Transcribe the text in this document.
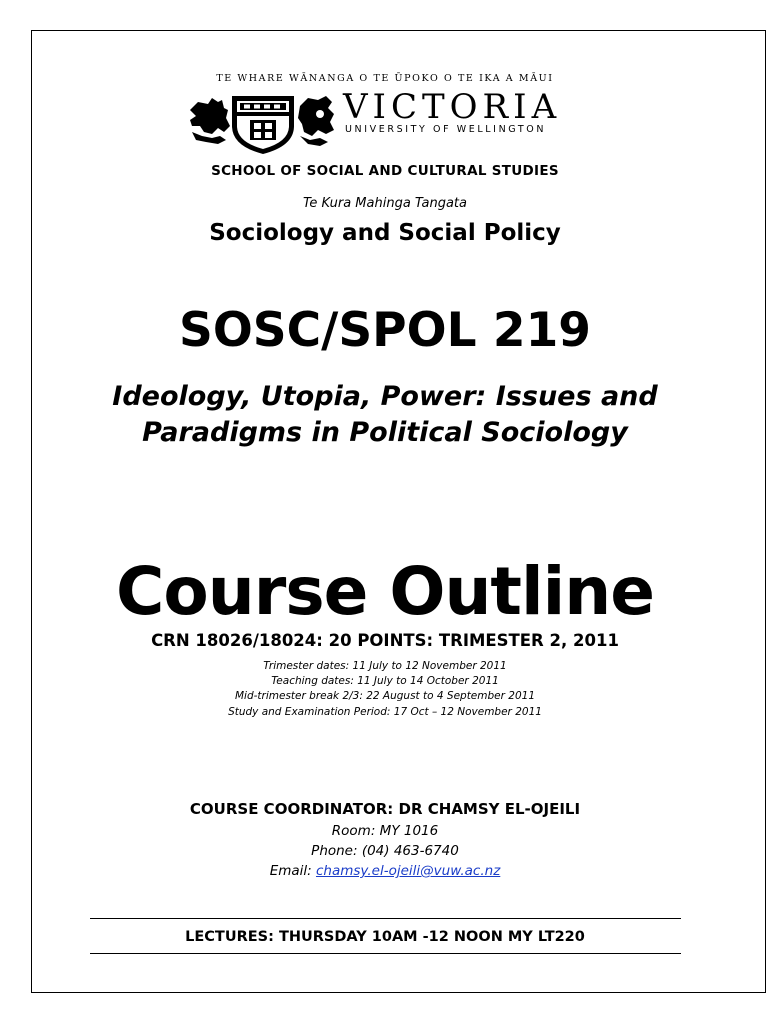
TE WHARE WĀNANGA O TE ŪPOKO O TE IKA A MĀUI
VICTORIA
UNIVERSITY OF WELLINGTON
SCHOOL OF SOCIAL AND CULTURAL STUDIES
Te Kura Mahinga Tangata
Sociology and Social Policy
SOSC/SPOL 219
Ideology, Utopia, Power: Issues and
Paradigms in Political Sociology
Course Outline
CRN 18026/18024: 20 POINTS: TRIMESTER 2, 2011
Trimester dates: 11 July to 12 November 2011
Teaching dates: 11 July to 14 October 2011
Mid-trimester break 2/3: 22 August to 4 September 2011
Study and Examination Period: 17 Oct – 12 November 2011
COURSE COORDINATOR: DR CHAMSY EL-OJEILI
Room: MY 1016
Phone: (04) 463-6740
Email: chamsy.el-ojeili@vuw.ac.nz
LECTURES: THURSDAY 10AM -12 NOON MY LT220
